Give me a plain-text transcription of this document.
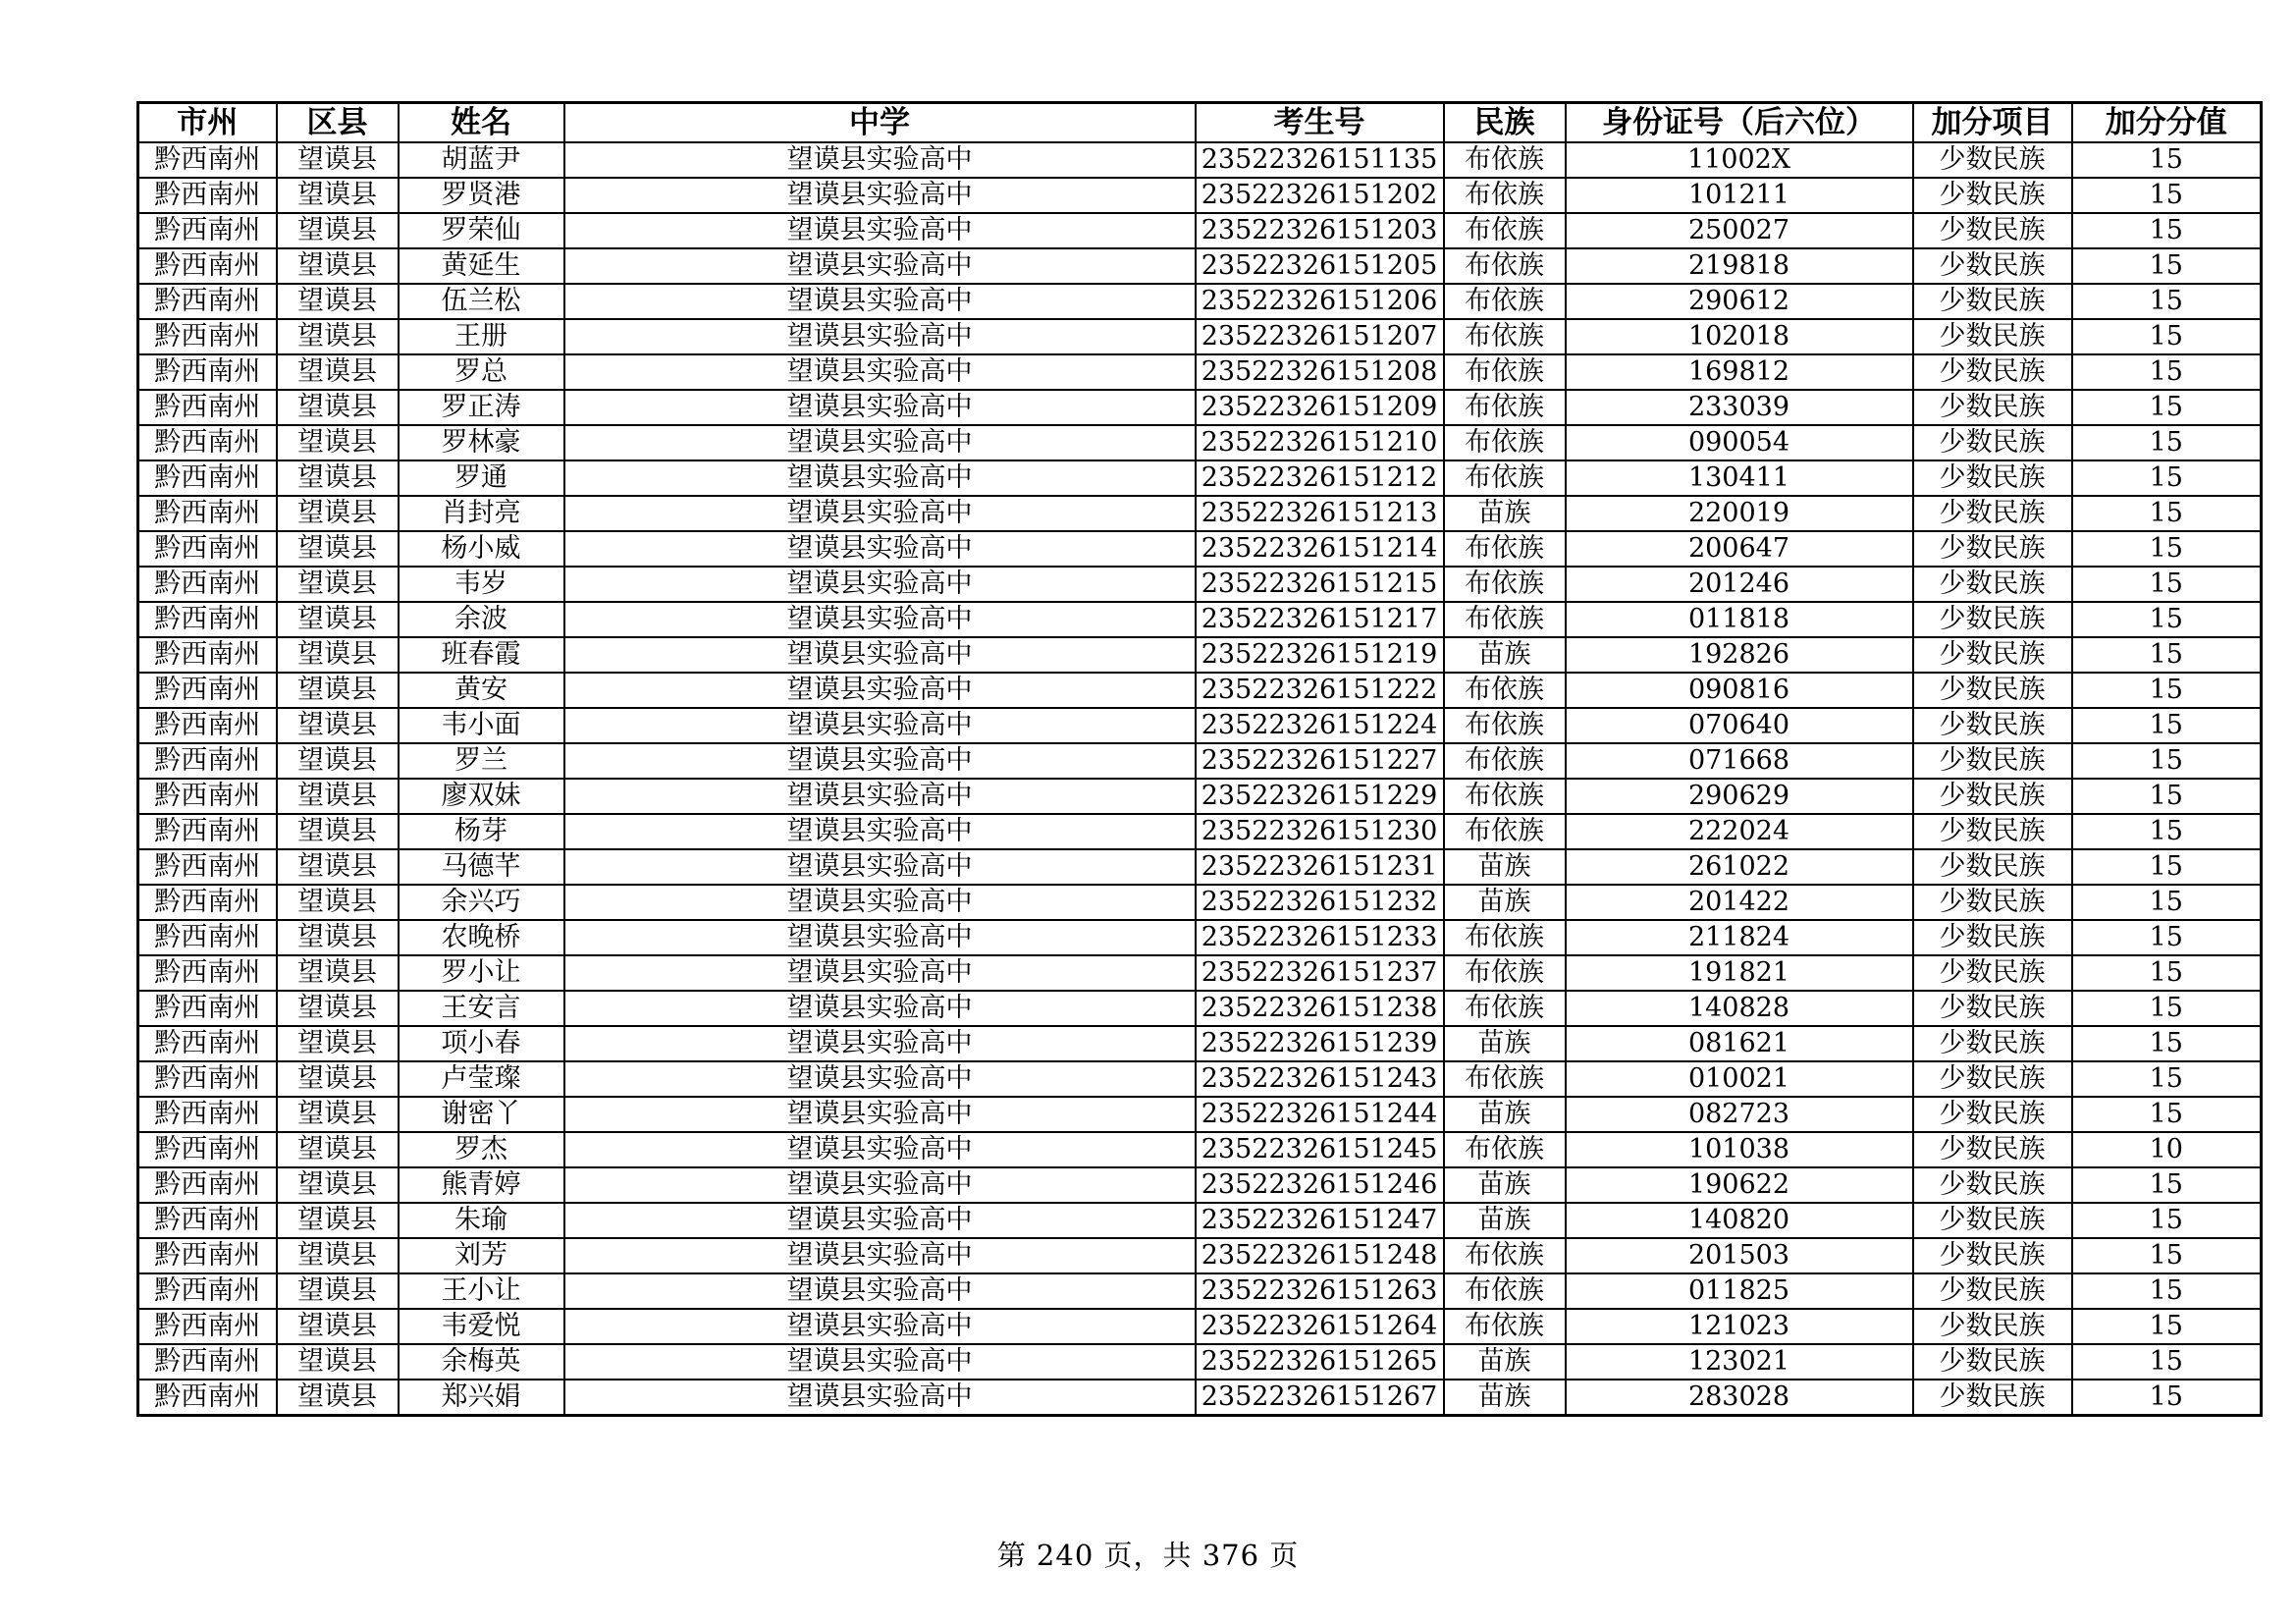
市州	区县	姓名	中学	考生号	民族	身份证号（后六位）	加分项目	加分分值
黔西南州	望谟县	胡蓝尹	望谟县实验高中	23522326151135	布依族	11002X	少数民族	15
黔西南州	望谟县	罗贤港	望谟县实验高中	23522326151202	布依族	101211	少数民族	15
黔西南州	望谟县	罗荣仙	望谟县实验高中	23522326151203	布依族	250027	少数民族	15
黔西南州	望谟县	黄延生	望谟县实验高中	23522326151205	布依族	219818	少数民族	15
黔西南州	望谟县	伍兰松	望谟县实验高中	23522326151206	布依族	290612	少数民族	15
黔西南州	望谟县	王册	望谟县实验高中	23522326151207	布依族	102018	少数民族	15
黔西南州	望谟县	罗总	望谟县实验高中	23522326151208	布依族	169812	少数民族	15
黔西南州	望谟县	罗正涛	望谟县实验高中	23522326151209	布依族	233039	少数民族	15
黔西南州	望谟县	罗林豪	望谟县实验高中	23522326151210	布依族	090054	少数民族	15
黔西南州	望谟县	罗通	望谟县实验高中	23522326151212	布依族	130411	少数民族	15
黔西南州	望谟县	肖封亮	望谟县实验高中	23522326151213	苗族	220019	少数民族	15
黔西南州	望谟县	杨小威	望谟县实验高中	23522326151214	布依族	200647	少数民族	15
黔西南州	望谟县	韦岁	望谟县实验高中	23522326151215	布依族	201246	少数民族	15
黔西南州	望谟县	余波	望谟县实验高中	23522326151217	布依族	011818	少数民族	15
黔西南州	望谟县	班春霞	望谟县实验高中	23522326151219	苗族	192826	少数民族	15
黔西南州	望谟县	黄安	望谟县实验高中	23522326151222	布依族	090816	少数民族	15
黔西南州	望谟县	韦小面	望谟县实验高中	23522326151224	布依族	070640	少数民族	15
黔西南州	望谟县	罗兰	望谟县实验高中	23522326151227	布依族	071668	少数民族	15
黔西南州	望谟县	廖双妹	望谟县实验高中	23522326151229	布依族	290629	少数民族	15
黔西南州	望谟县	杨芽	望谟县实验高中	23522326151230	布依族	222024	少数民族	15
黔西南州	望谟县	马德芊	望谟县实验高中	23522326151231	苗族	261022	少数民族	15
黔西南州	望谟县	余兴巧	望谟县实验高中	23522326151232	苗族	201422	少数民族	15
黔西南州	望谟县	农晚桥	望谟县实验高中	23522326151233	布依族	211824	少数民族	15
黔西南州	望谟县	罗小让	望谟县实验高中	23522326151237	布依族	191821	少数民族	15
黔西南州	望谟县	王安言	望谟县实验高中	23522326151238	布依族	140828	少数民族	15
黔西南州	望谟县	项小春	望谟县实验高中	23522326151239	苗族	081621	少数民族	15
黔西南州	望谟县	卢莹璨	望谟县实验高中	23522326151243	布依族	010021	少数民族	15
黔西南州	望谟县	谢密丫	望谟县实验高中	23522326151244	苗族	082723	少数民族	15
黔西南州	望谟县	罗杰	望谟县实验高中	23522326151245	布依族	101038	少数民族	10
黔西南州	望谟县	熊青婷	望谟县实验高中	23522326151246	苗族	190622	少数民族	15
黔西南州	望谟县	朱瑜	望谟县实验高中	23522326151247	苗族	140820	少数民族	15
黔西南州	望谟县	刘芳	望谟县实验高中	23522326151248	布依族	201503	少数民族	15
黔西南州	望谟县	王小让	望谟县实验高中	23522326151263	布依族	011825	少数民族	15
黔西南州	望谟县	韦爱悦	望谟县实验高中	23522326151264	布依族	121023	少数民族	15
黔西南州	望谟县	余梅英	望谟县实验高中	23522326151265	苗族	123021	少数民族	15
黔西南州	望谟县	郑兴娟	望谟县实验高中	23522326151267	苗族	283028	少数民族	15
第 240 页，共 376 页
